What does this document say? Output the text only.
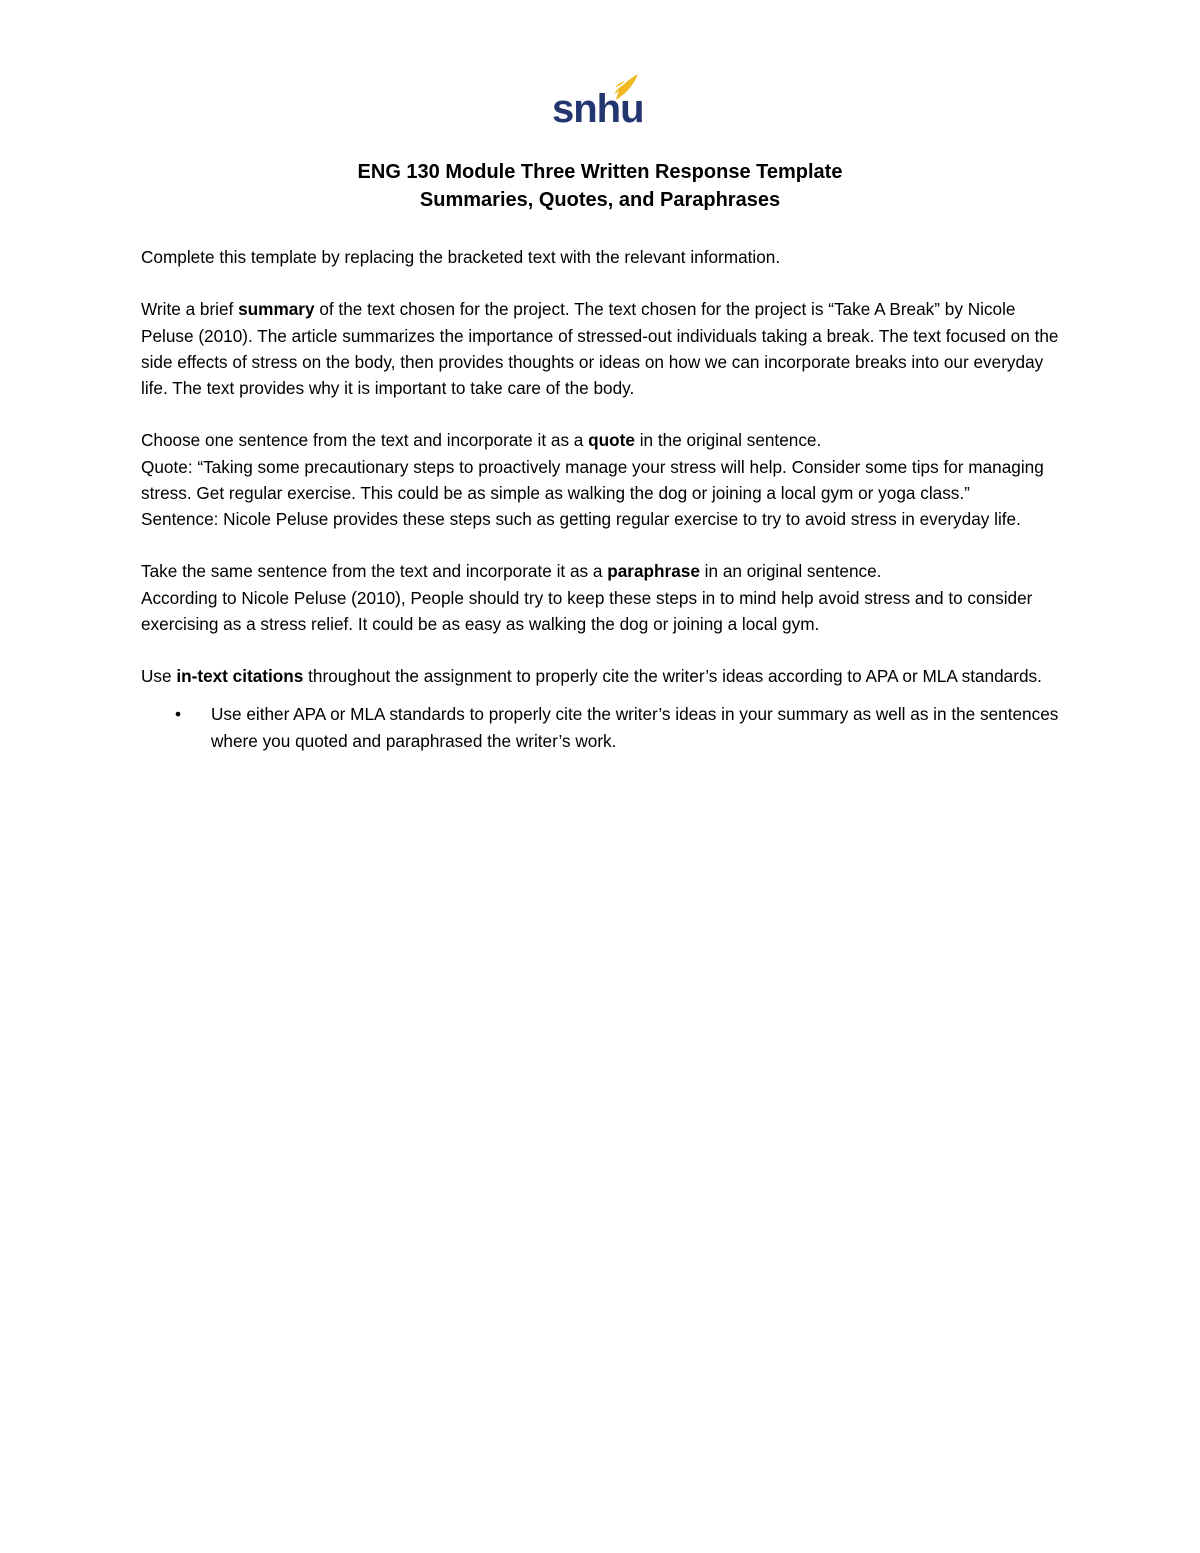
snhu
ENG 130 Module Three Written Response Template
Summaries, Quotes, and Paraphrases

Complete this template by replacing the bracketed text with the relevant information.

Write a brief summary of the text chosen for the project. The text chosen for the project is “Take A Break” by Nicole Peluse (2010). The article summarizes the importance of stressed-out individuals taking a break. The text focused on the side effects of stress on the body, then provides thoughts or ideas on how we can incorporate breaks into our everyday life. The text provides why it is important to take care of the body.

Choose one sentence from the text and incorporate it as a quote in the original sentence.

Quote: “Taking some precautionary steps to proactively manage your stress will help. Consider some tips for managing stress. Get regular exercise. This could be as simple as walking the dog or joining a local gym or yoga class.”

Sentence: Nicole Peluse provides these steps such as getting regular exercise to try to avoid stress in everyday life.

Take the same sentence from the text and incorporate it as a paraphrase in an original sentence.

According to Nicole Peluse (2010), People should try to keep these steps in to mind help avoid stress and to consider exercising as a stress relief. It could be as easy as walking the dog or joining a local gym.

Use in-text citations throughout the assignment to properly cite the writer’s ideas according to APA or MLA standards.

• Use either APA or MLA standards to properly cite the writer’s ideas in your summary as well as in the sentences where you quoted and paraphrased the writer’s work.
